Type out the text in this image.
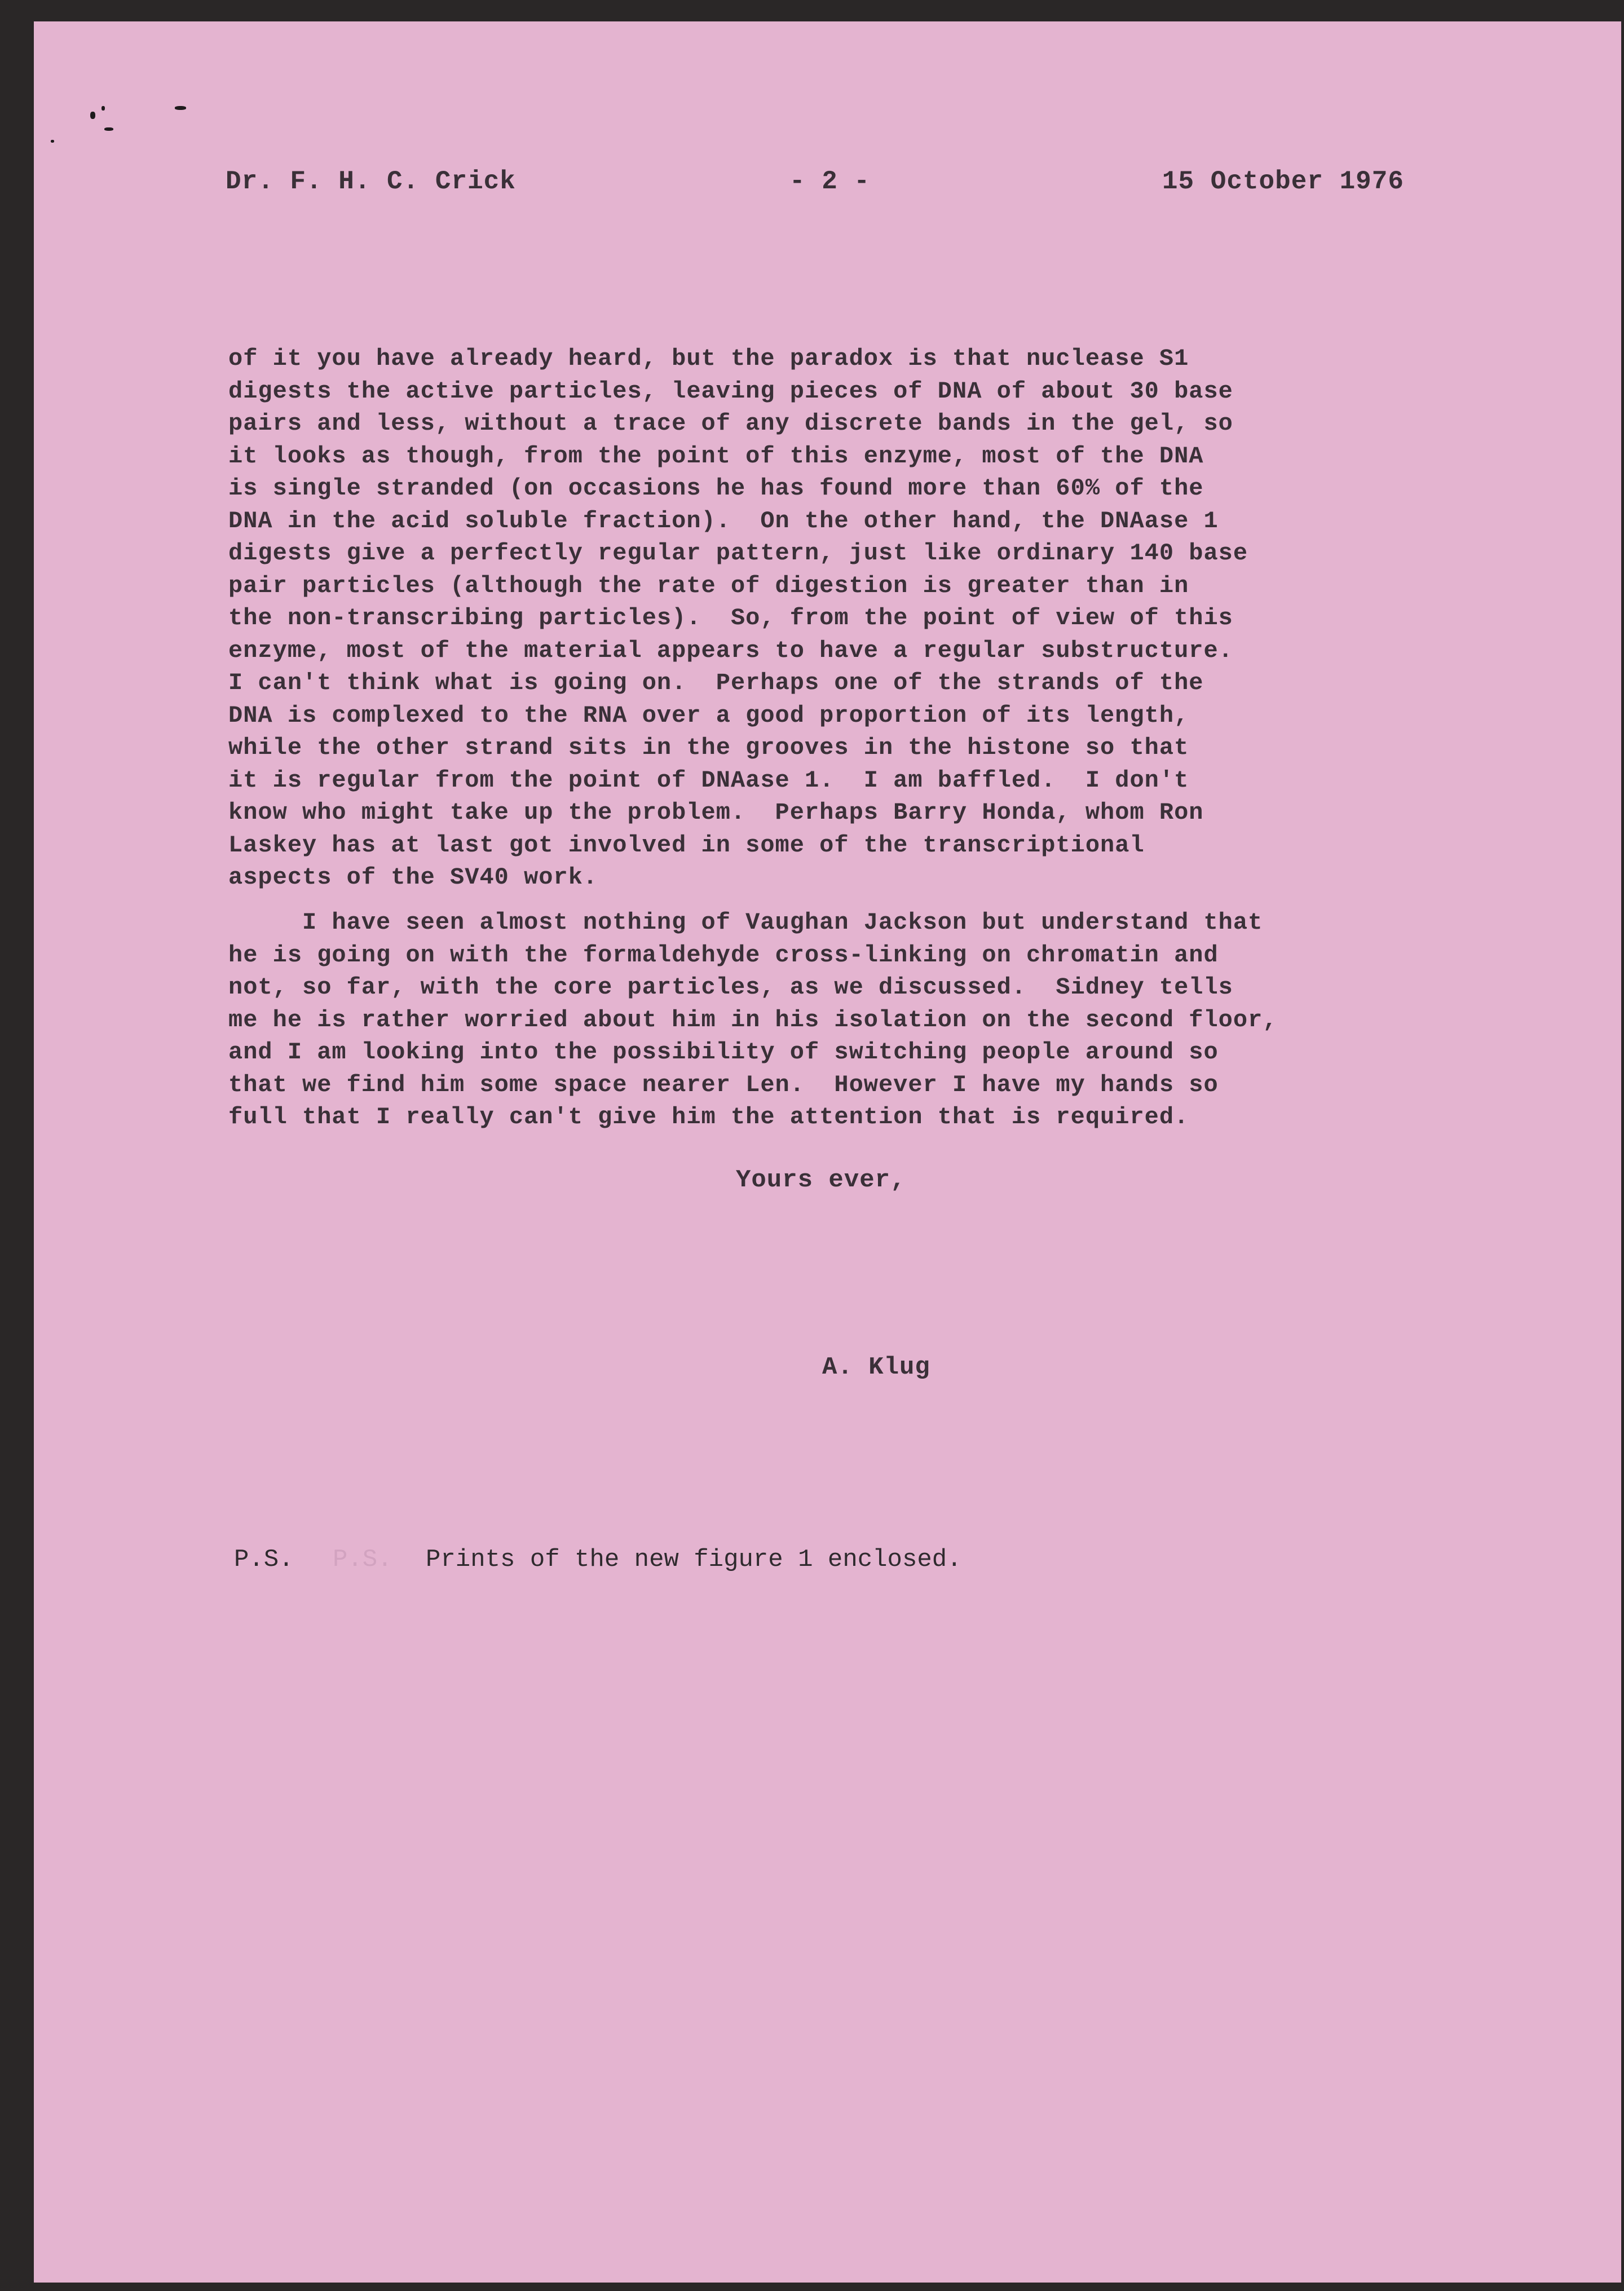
Dr. F. H. C. Crick	- 2 -	15 October 1976
of it you have already heard, but the paradox is that nuclease S1
digests the active particles, leaving pieces of DNA of about 30 base
pairs and less, without a trace of any discrete bands in the gel, so
it looks as though, from the point of this enzyme, most of the DNA
is single stranded (on occasions he has found more than 60% of the
DNA in the acid soluble fraction).  On the other hand, the DNAase 1
digests give a perfectly regular pattern, just like ordinary 140 base
pair particles (although the rate of digestion is greater than in
the non-transcribing particles).  So, from the point of view of this
enzyme, most of the material appears to have a regular substructure.
I can't think what is going on.  Perhaps one of the strands of the
DNA is complexed to the RNA over a good proportion of its length,
while the other strand sits in the grooves in the histone so that
it is regular from the point of DNAase 1.  I am baffled.  I don't
know who might take up the problem.  Perhaps Barry Honda, whom Ron
Laskey has at last got involved in some of the transcriptional
aspects of the SV40 work.
I have seen almost nothing of Vaughan Jackson but understand that
he is going on with the formaldehyde cross-linking on chromatin and
not, so far, with the core particles, as we discussed.  Sidney tells
me he is rather worried about him in his isolation on the second floor,
and I am looking into the possibility of switching people around so
that we find him some space nearer Len.  However I have my hands so
full that I really can't give him the attention that is required.
Yours ever,
A. Klug
P.S. P.S. Prints of the new figure 1 enclosed.
